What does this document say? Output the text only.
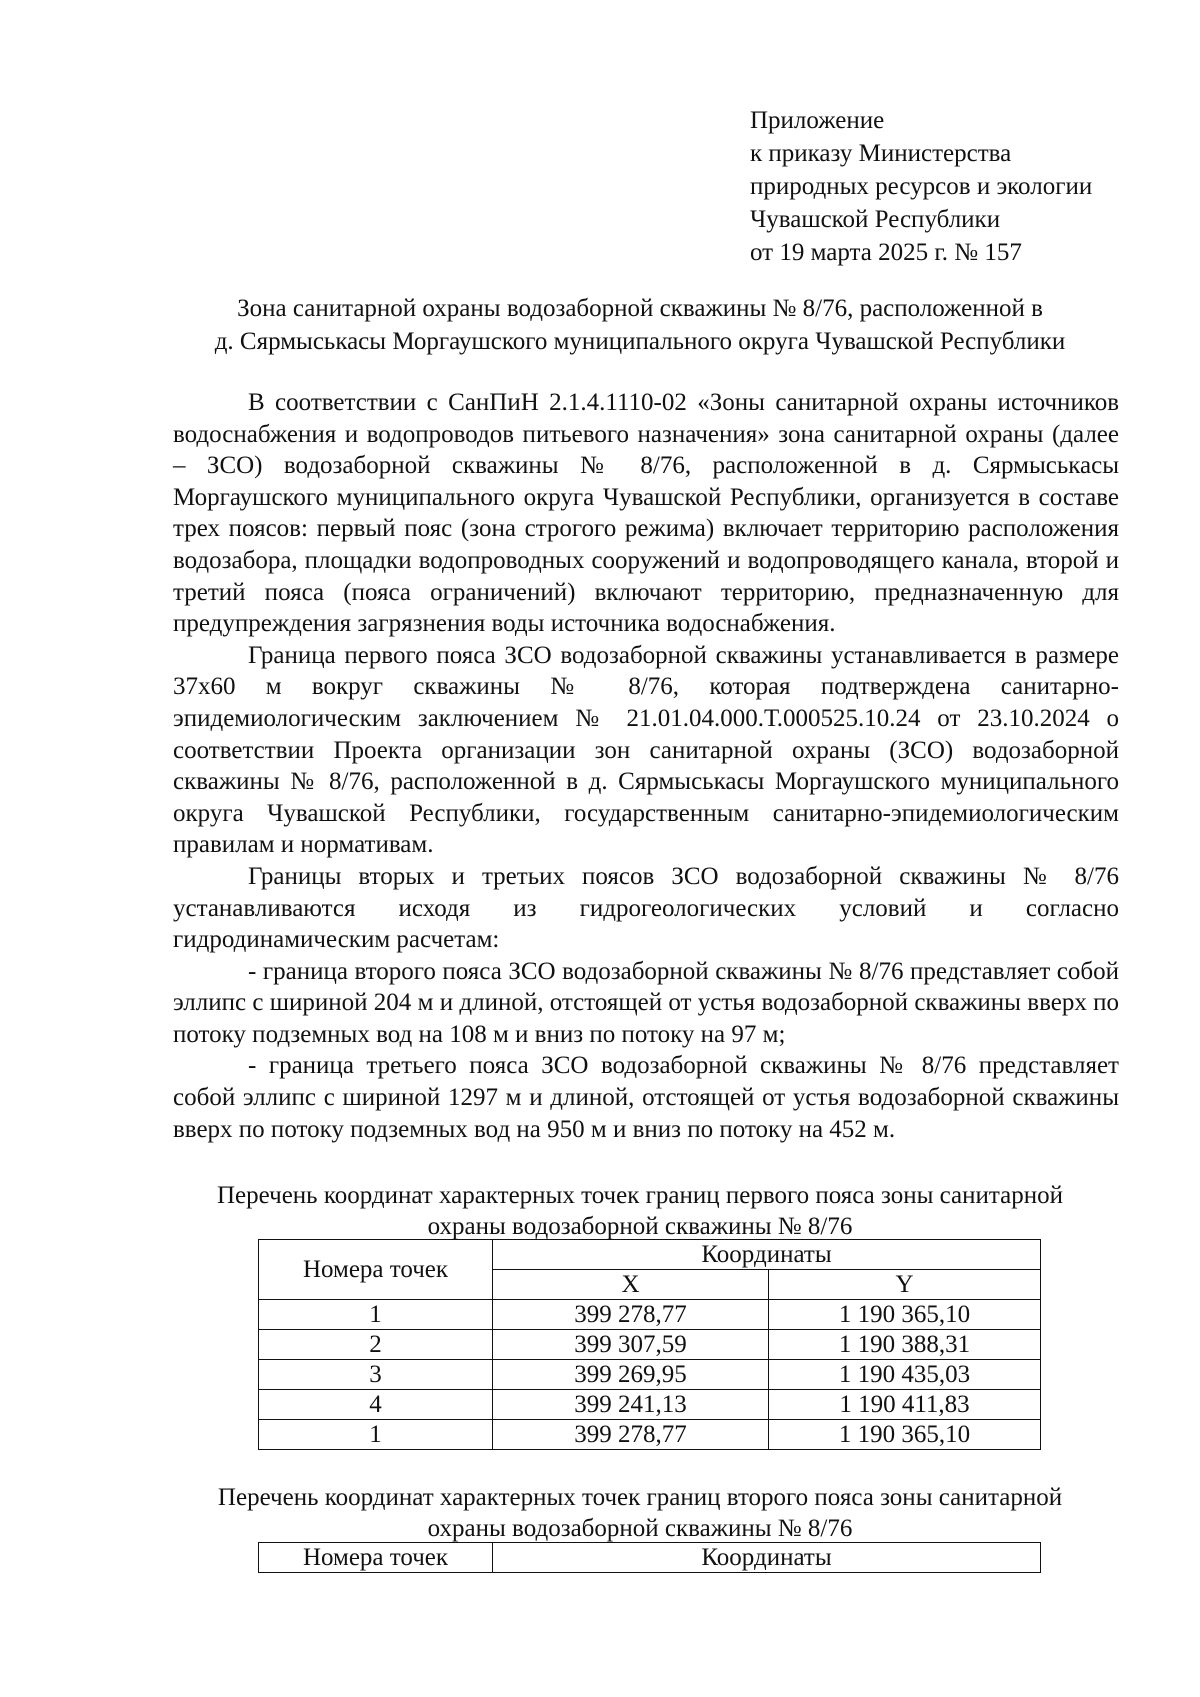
Приложение
к приказу Министерства
природных ресурсов и экологии
Чувашской Республики
от 19 марта 2025 г. № 157
Зона санитарной охраны водозаборной скважины № 8/76, расположенной в
д. Сярмыськасы Моргаушского муниципального округа Чувашской Республики

В соответствии с СанПиН 2.1.4.1110-02 «Зоны санитарной охраны источников водоснабжения и водопроводов питьевого назначения» зона санитарной охраны (далее – ЗСО) водозаборной скважины № 8/76, расположенной в д. Сярмыськасы Моргаушского муниципального округа Чувашской Республики, организуется в составе трех поясов: первый пояс (зона строгого режима) включает территорию расположения водозабора, площадки водопроводных сооружений и водопроводящего канала, второй и третий пояса (пояса ограничений) включают территорию, предназначенную для предупреждения загрязнения воды источника водоснабжения.

Граница первого пояса ЗСО водозаборной скважины устанавливается в размере 37x60 м вокруг скважины № 8/76, которая подтверждена санитарно-эпидемиологическим заключением № 21.01.04.000.Т.000525.10.24 от 23.10.2024 о соответствии Проекта организации зон санитарной охраны (ЗСО) водозаборной скважины № 8/76, расположенной в д. Сярмыськасы Моргаушского муниципального округа Чувашской Республики, государственным санитарно-эпидемиологическим правилам и нормативам.

Границы вторых и третьих поясов ЗСО водозаборной скважины № 8/76 устанавливаются исходя из гидрогеологических условий и согласно гидродинамическим расчетам:

- граница второго пояса ЗСО водозаборной скважины № 8/76 представляет собой эллипс с шириной 204 м и длиной, отстоящей от устья водозаборной скважины вверх по потоку подземных вод на 108 м и вниз по потоку на 97 м;

- граница третьего пояса ЗСО водозаборной скважины № 8/76 представляет собой эллипс с шириной 1297 м и длиной, отстоящей от устья водозаборной скважины вверх по потоку подземных вод на 950 м и вниз по потоку на 452 м.

Перечень координат характерных точек границ первого пояса зоны санитарной
охраны водозаборной скважины № 8/76
Номера точек	Координаты	
	X	Y
1	399 278,77	1 190 365,10
2	399 307,59	1 190 388,31
3	399 269,95	1 190 435,03
4	399 241,13	1 190 411,83
1	399 278,77	1 190 365,10
Перечень координат характерных точек границ второго пояса зоны санитарной
охраны водозаборной скважины № 8/76
Номера точек	Координаты
